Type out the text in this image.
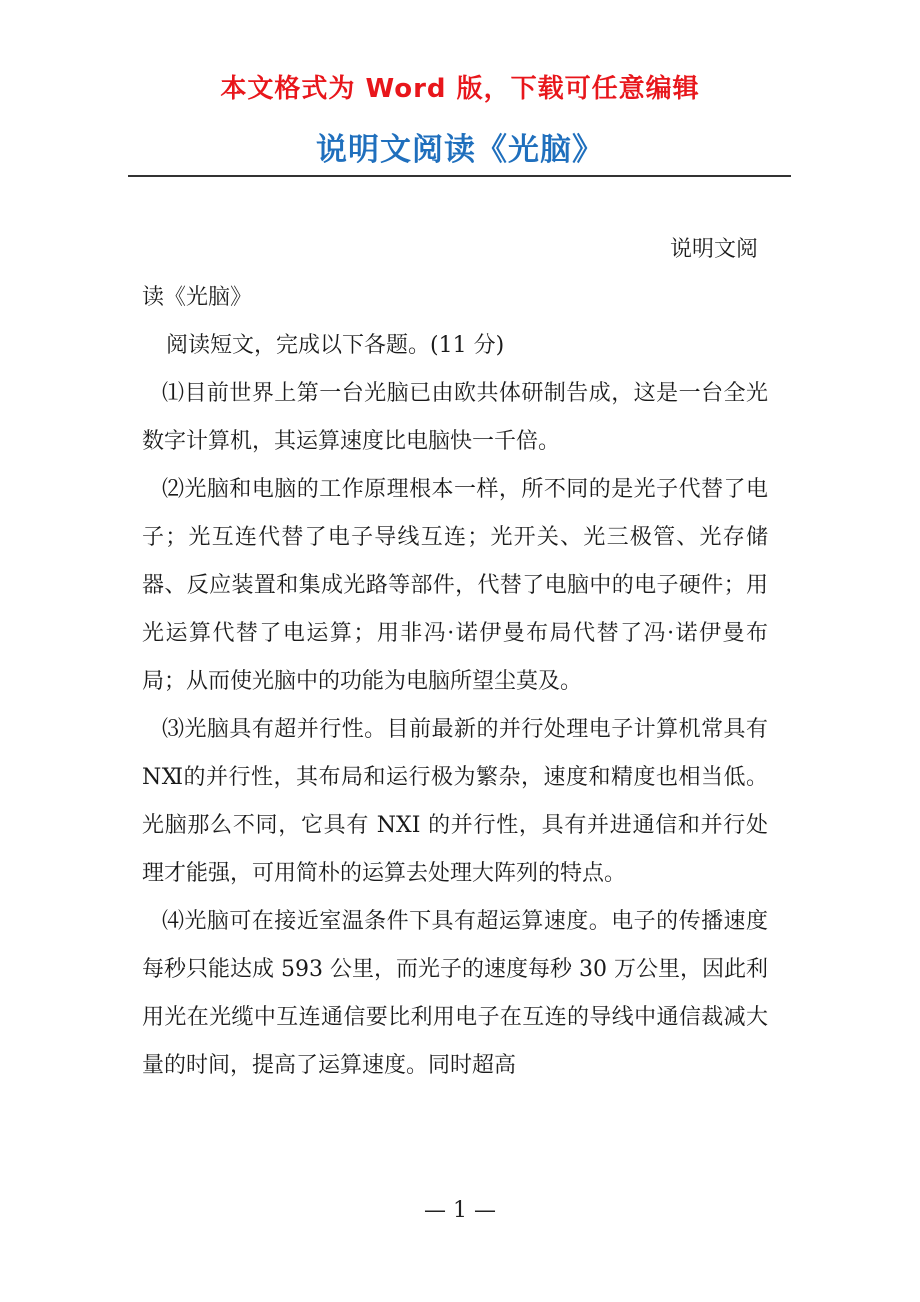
本文格式为 Word 版，下载可任意编辑
说明文阅读《光脑》

说明文阅

读《光脑》

阅读短文，完成以下各题。(11 分)

⑴目前世界上第一台光脑已由欧共体研制告成，这是一台全光数字计算机，其运算速度比电脑快一千倍。

⑵光脑和电脑的工作原理根本一样，所不同的是光子代替了电子；光互连代替了电子导线互连；光开关、光三极管、光存储器、反应装置和集成光路等部件，代替了电脑中的电子硬件；用光运算代替了电运算；用非冯·诺伊曼布局代替了冯·诺伊曼布局；从而使光脑中的功能为电脑所望尘莫及。

⑶光脑具有超并行性。目前最新的并行处理电子计算机常具有 NⅪ的并行性，其布局和运行极为繁杂，速度和精度也相当低。光脑那么不同，它具有 NXI 的并行性，具有并进通信和并行处理才能强，可用简朴的运算去处理大阵列的特点。

⑷光脑可在接近室温条件下具有超运算速度。电子的传播速度每秒只能达成 593 公里，而光子的速度每秒 30 万公里，因此利用光在光缆中互连通信要比利用电子在互连的导线中通信裁减大量的时间，提高了运算速度。同时超高

— 1 —
